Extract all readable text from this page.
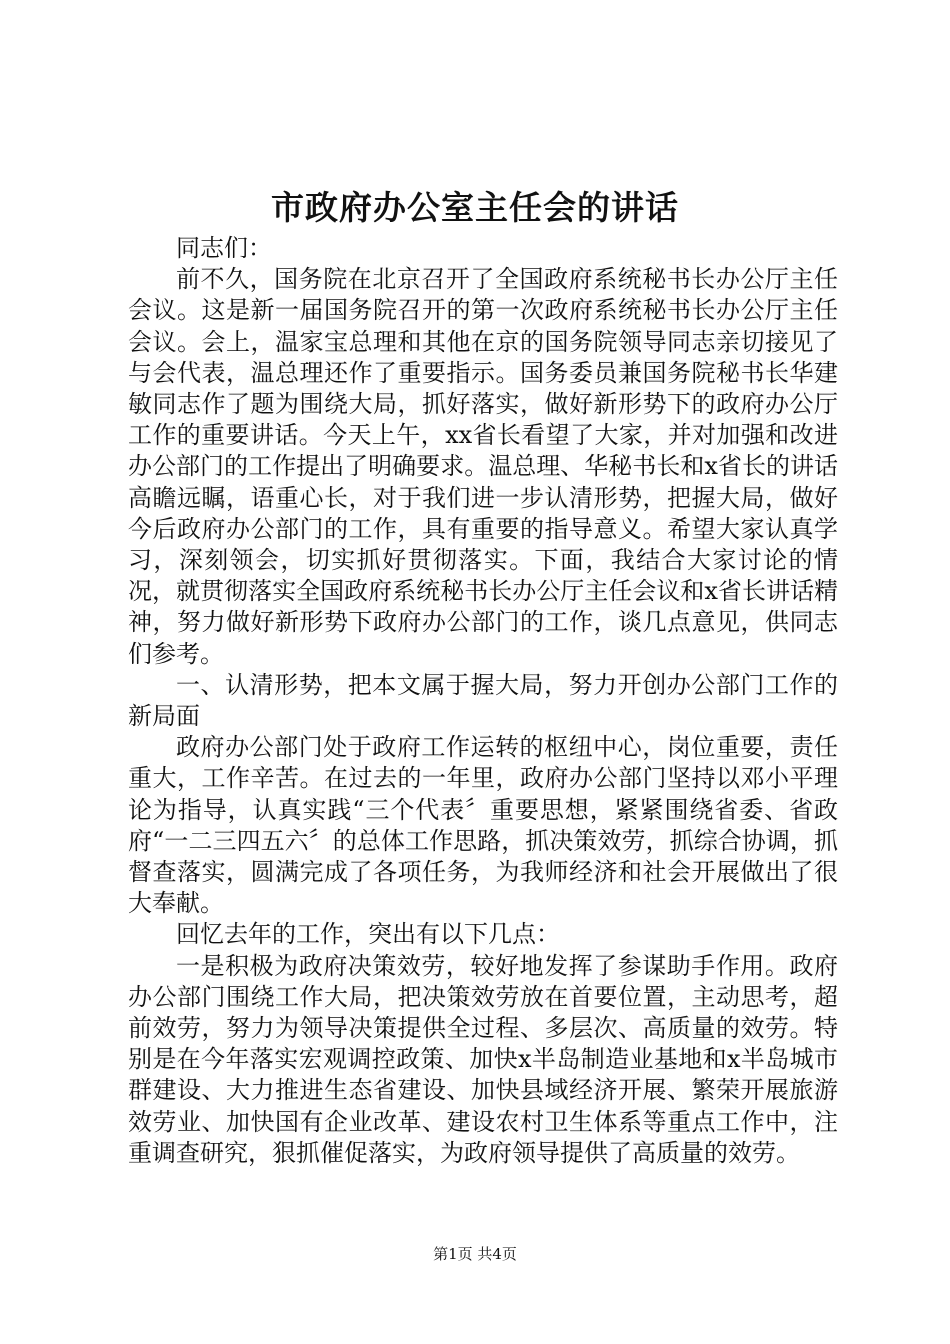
市政府办公室主任会的讲话

同志们：

前不久，国务院在北京召开了全国政府系统秘书长办公厅主任会议。这是新一届国务院召开的第一次政府系统秘书长办公厅主任会议。会上，温家宝总理和其他在京的国务院领导同志亲切接见了与会代表，温总理还作了重要指示。国务委员兼国务院秘书长华建敏同志作了题为围绕大局，抓好落实，做好新形势下的政府办公厅工作的重要讲话。今天上午，xx省长看望了大家，并对加强和改进办公部门的工作提出了明确要求。温总理、华秘书长和x省长的讲话高瞻远瞩，语重心长，对于我们进一步认清形势，把握大局，做好今后政府办公部门的工作，具有重要的指导意义。希望大家认真学习，深刻领会，切实抓好贯彻落实。下面，我结合大家讨论的情况，就贯彻落实全国政府系统秘书长办公厅主任会议和x省长讲话精神，努力做好新形势下政府办公部门的工作，谈几点意见，供同志们参考。

一、认清形势，把本文属于握大局，努力开创办公部门工作的新局面

政府办公部门处于政府工作运转的枢纽中心，岗位重要，责任重大，工作辛苦。在过去的一年里，政府办公部门坚持以邓小平理论为指导，认真实践“三个代表〞重要思想，紧紧围绕省委、省政府“一二三四五六〞的总体工作思路，抓决策效劳，抓综合协调，抓督查落实，圆满完成了各项任务，为我师经济和社会开展做出了很大奉献。

回忆去年的工作，突出有以下几点：

一是积极为政府决策效劳，较好地发挥了参谋助手作用。政府办公部门围绕工作大局，把决策效劳放在首要位置，主动思考，超前效劳，努力为领导决策提供全过程、多层次、高质量的效劳。特别是在今年落实宏观调控政策、加快x半岛制造业基地和x半岛城市群建设、大力推进生态省建设、加快县域经济开展、繁荣开展旅游效劳业、加快国有企业改革、建设农村卫生体系等重点工作中，注重调查研究，狠抓催促落实，为政府领导提供了高质量的效劳。

第1页 共4页
